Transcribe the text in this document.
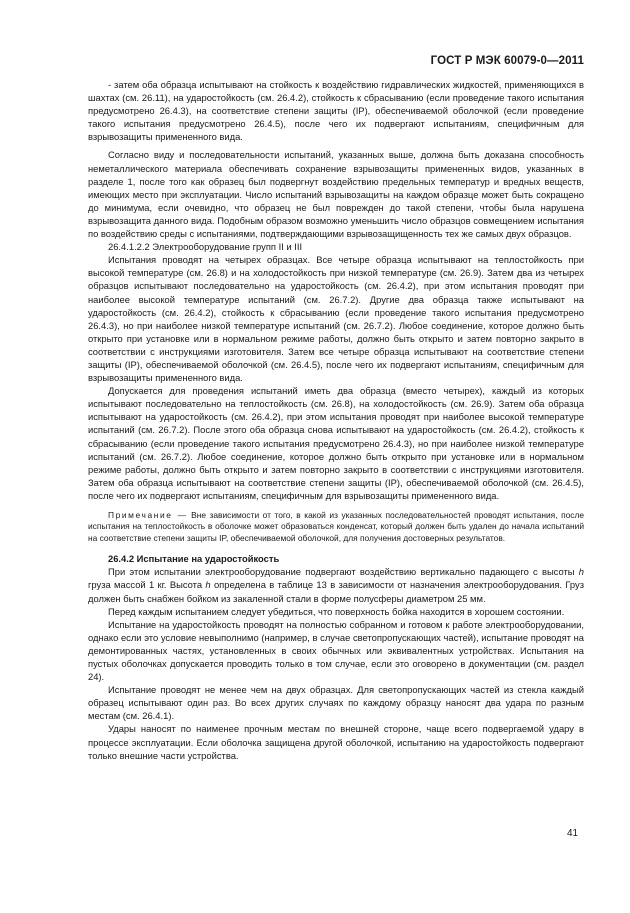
ГОСТ Р МЭК 60079-0—2011

- затем оба образца испытывают на стойкость к воздействию гидравлических жидкостей, применяющихся в шахтах (см. 26.11), на ударостойкость (см. 26.4.2), стойкость к сбрасыванию (если проведение такого испытания предусмотрено 26.4.3), на соответствие степени защиты (IP), обеспечиваемой оболочкой (если проведение такого испытания предусмотрено 26.4.5), после чего их подвергают испытаниям, специфичным для взрывозащиты примененного вида.

Согласно виду и последовательности испытаний, указанных выше, должна быть доказана способность неметаллического материала обеспечивать сохранение взрывозащиты примененных видов, указанных в разделе 1, после того как образец был подвергнут воздействию предельных температур и вредных веществ, имеющих место при эксплуатации. Число испытаний взрывозащиты на каждом образце может быть сокращено до минимума, если очевидно, что образец не был поврежден до такой степени, чтобы была нарушена взрывозащита данного вида. Подобным образом возможно уменьшить число образцов совмещением испытания по воздействию среды с испытаниями, подтверждающими взрывозащищенность тех же самых двух образцов.

26.4.1.2.2 Электрооборудование групп II и III

Испытания проводят на четырех образцах. Все четыре образца испытывают на теплостойкость при высокой температуре (см. 26.8) и на холодостойкость при низкой температуре (см. 26.9). Затем два из четырех образцов испытывают последовательно на ударостойкость (см. 26.4.2), при этом испытания проводят при наиболее высокой температуре испытаний (см. 26.7.2). Другие два образца также испытывают на ударостойкость (см. 26.4.2), стойкость к сбрасыванию (если проведение такого испытания предусмотрено 26.4.3), но при наиболее низкой температуре испытаний (см. 26.7.2). Любое соединение, которое должно быть открыто при установке или в нормальном режиме работы, должно быть открыто и затем повторно закрыто в соответствии с инструкциями изготовителя. Затем все четыре образца испытывают на соответствие степени защиты (IP), обеспечиваемой оболочкой (см. 26.4.5), после чего их подвергают испытаниям, специфичным для взрывозащиты примененного вида.

Допускается для проведения испытаний иметь два образца (вместо четырех), каждый из которых испытывают последовательно на теплостойкость (см. 26.8), на холодостойкость (см. 26.9). Затем оба образца испытывают на ударостойкость (см. 26.4.2), при этом испытания проводят при наиболее высокой температуре испытаний (см. 26.7.2). После этого оба образца снова испытывают на ударостойкость (см. 26.4.2), стойкость к сбрасыванию (если проведение такого испытания предусмотрено 26.4.3), но при наиболее низкой температуре испытаний (см. 26.7.2). Любое соединение, которое должно быть открыто при установке или в нормальном режиме работы, должно быть открыто и затем повторно закрыто в соответствии с инструкциями изготовителя. Затем оба образца испытывают на соответствие степени защиты (IP), обеспечиваемой оболочкой (см. 26.4.5), после чего их подвергают испытаниям, специфичным для взрывозащиты примененного вида.

Примечание — Вне зависимости от того, в какой из указанных последовательностей проводят испытания, после испытания на теплостойкость в оболочке может образоваться конденсат, который должен быть удален до начала испытаний на соответствие степени защиты IP, обеспечиваемой оболочкой, для получения достоверных результатов.

26.4.2 Испытание на ударостойкость

При этом испытании электрооборудование подвергают воздействию вертикально падающего с высоты h груза массой 1 кг. Высота h определена в таблице 13 в зависимости от назначения электрооборудования. Груз должен быть снабжен бойком из закаленной стали в форме полусферы диаметром 25 мм.

Перед каждым испытанием следует убедиться, что поверхность бойка находится в хорошем состоянии.

Испытание на ударостойкость проводят на полностью собранном и готовом к работе электрооборудовании, однако если это условие невыполнимо (например, в случае светопропускающих частей), испытание проводят на демонтированных частях, установленных в своих обычных или эквивалентных устройствах. Испытания на пустых оболочках допускается проводить только в том случае, если это оговорено в документации (см. раздел 24).

Испытание проводят не менее чем на двух образцах. Для светопропускающих частей из стекла каждый образец испытывают один раз. Во всех других случаях по каждому образцу наносят два удара по разным местам (см. 26.4.1).

Удары наносят по наименее прочным местам по внешней стороне, чаще всего подвергаемой удару в процессе эксплуатации. Если оболочка защищена другой оболочкой, испытанию на ударостойкость подвергают только внешние части устройства.

41
